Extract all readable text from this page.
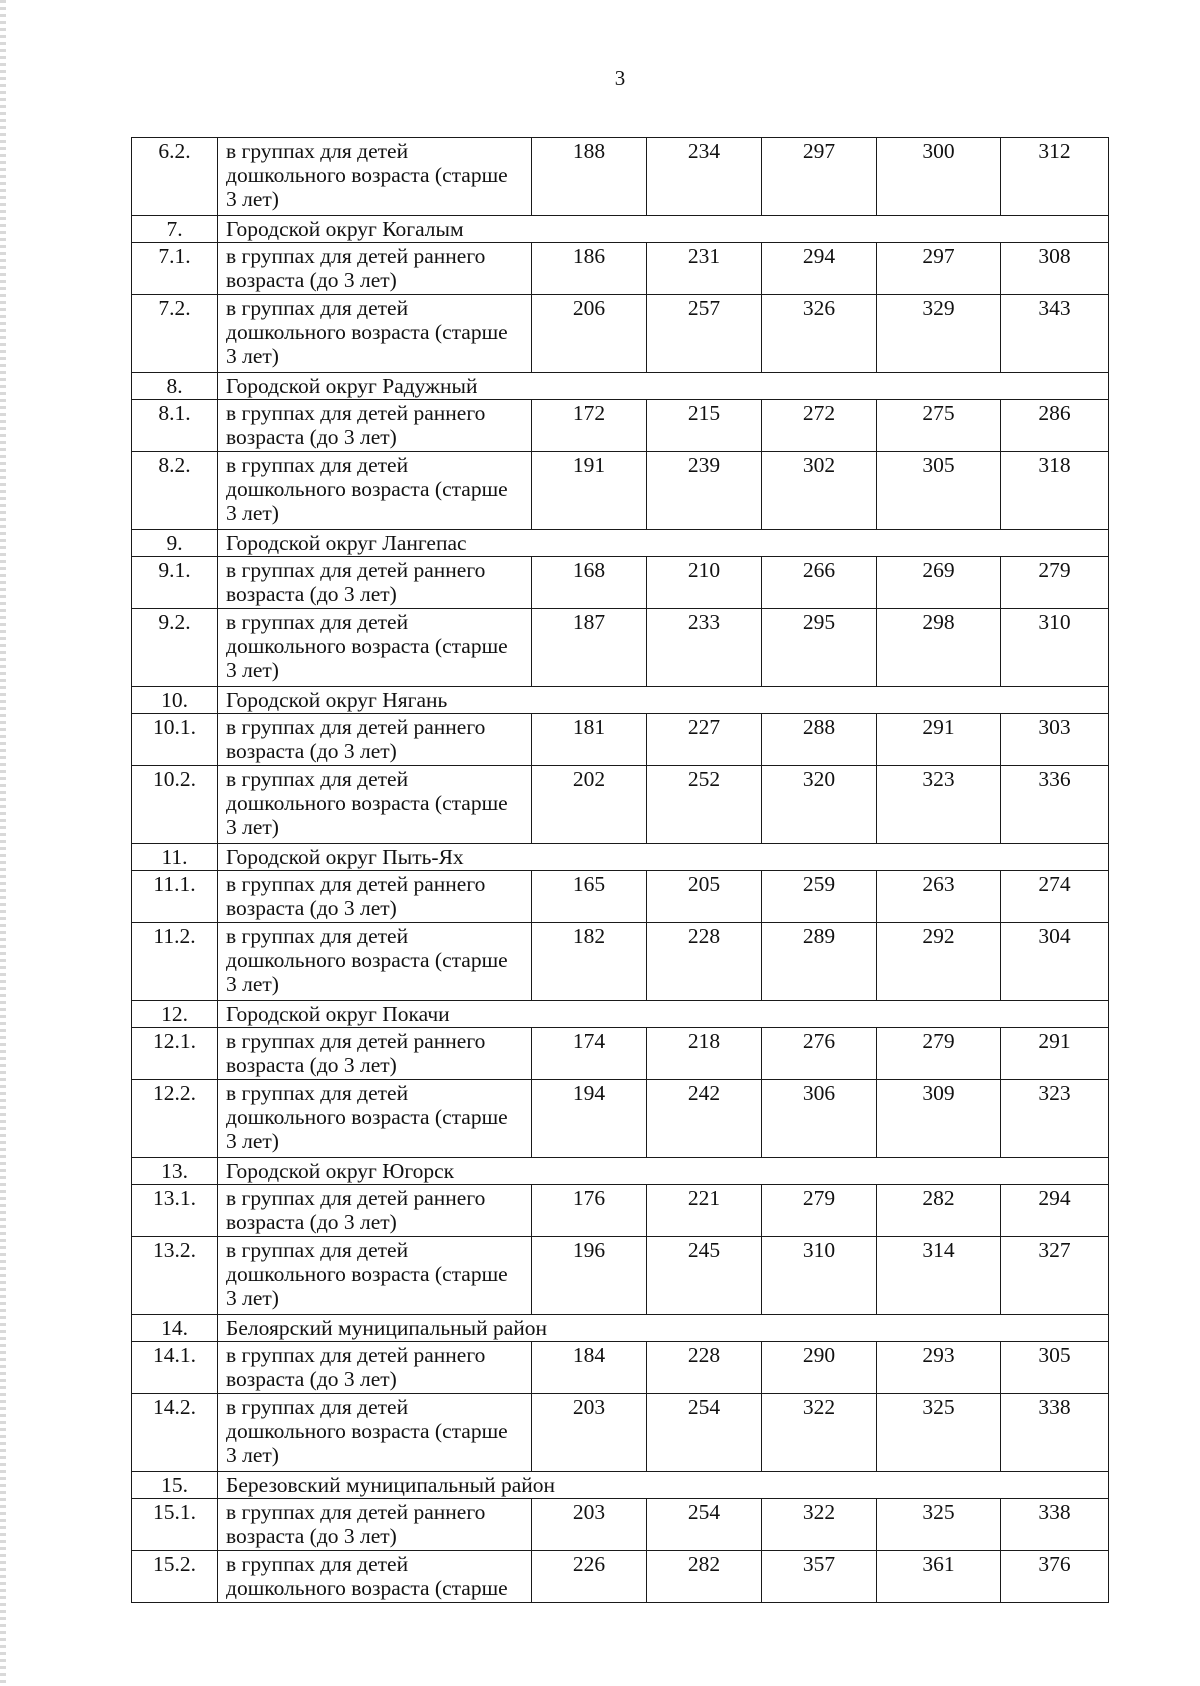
3
6.2.	в группах для детей дошкольного возраста (старше 3 лет)	188	234	297	300	312
7.	Городской округ Когалым					
7.1.	в группах для детей раннего возраста (до 3 лет)	186	231	294	297	308
7.2.	в группах для детей дошкольного возраста (старше 3 лет)	206	257	326	329	343
8.	Городской округ Радужный					
8.1.	в группах для детей раннего возраста (до 3 лет)	172	215	272	275	286
8.2.	в группах для детей дошкольного возраста (старше 3 лет)	191	239	302	305	318
9.	Городской округ Лангепас					
9.1.	в группах для детей раннего возраста (до 3 лет)	168	210	266	269	279
9.2.	в группах для детей дошкольного возраста (старше 3 лет)	187	233	295	298	310
10.	Городской округ Нягань					
10.1.	в группах для детей раннего возраста (до 3 лет)	181	227	288	291	303
10.2.	в группах для детей дошкольного возраста (старше 3 лет)	202	252	320	323	336
11.	Городской округ Пыть-Ях					
11.1.	в группах для детей раннего возраста (до 3 лет)	165	205	259	263	274
11.2.	в группах для детей дошкольного возраста (старше 3 лет)	182	228	289	292	304
12.	Городской округ Покачи					
12.1.	в группах для детей раннего возраста (до 3 лет)	174	218	276	279	291
12.2.	в группах для детей дошкольного возраста (старше 3 лет)	194	242	306	309	323
13.	Городской округ Югорск					
13.1.	в группах для детей раннего возраста (до 3 лет)	176	221	279	282	294
13.2.	в группах для детей дошкольного возраста (старше 3 лет)	196	245	310	314	327
14.	Белоярский муниципальный район					
14.1.	в группах для детей раннего возраста (до 3 лет)	184	228	290	293	305
14.2.	в группах для детей дошкольного возраста (старше 3 лет)	203	254	322	325	338
15.	Березовский муниципальный район					
15.1.	в группах для детей раннего возраста (до 3 лет)	203	254	322	325	338
15.2.	в группах для детей дошкольного возраста (старше	226	282	357	361	376
